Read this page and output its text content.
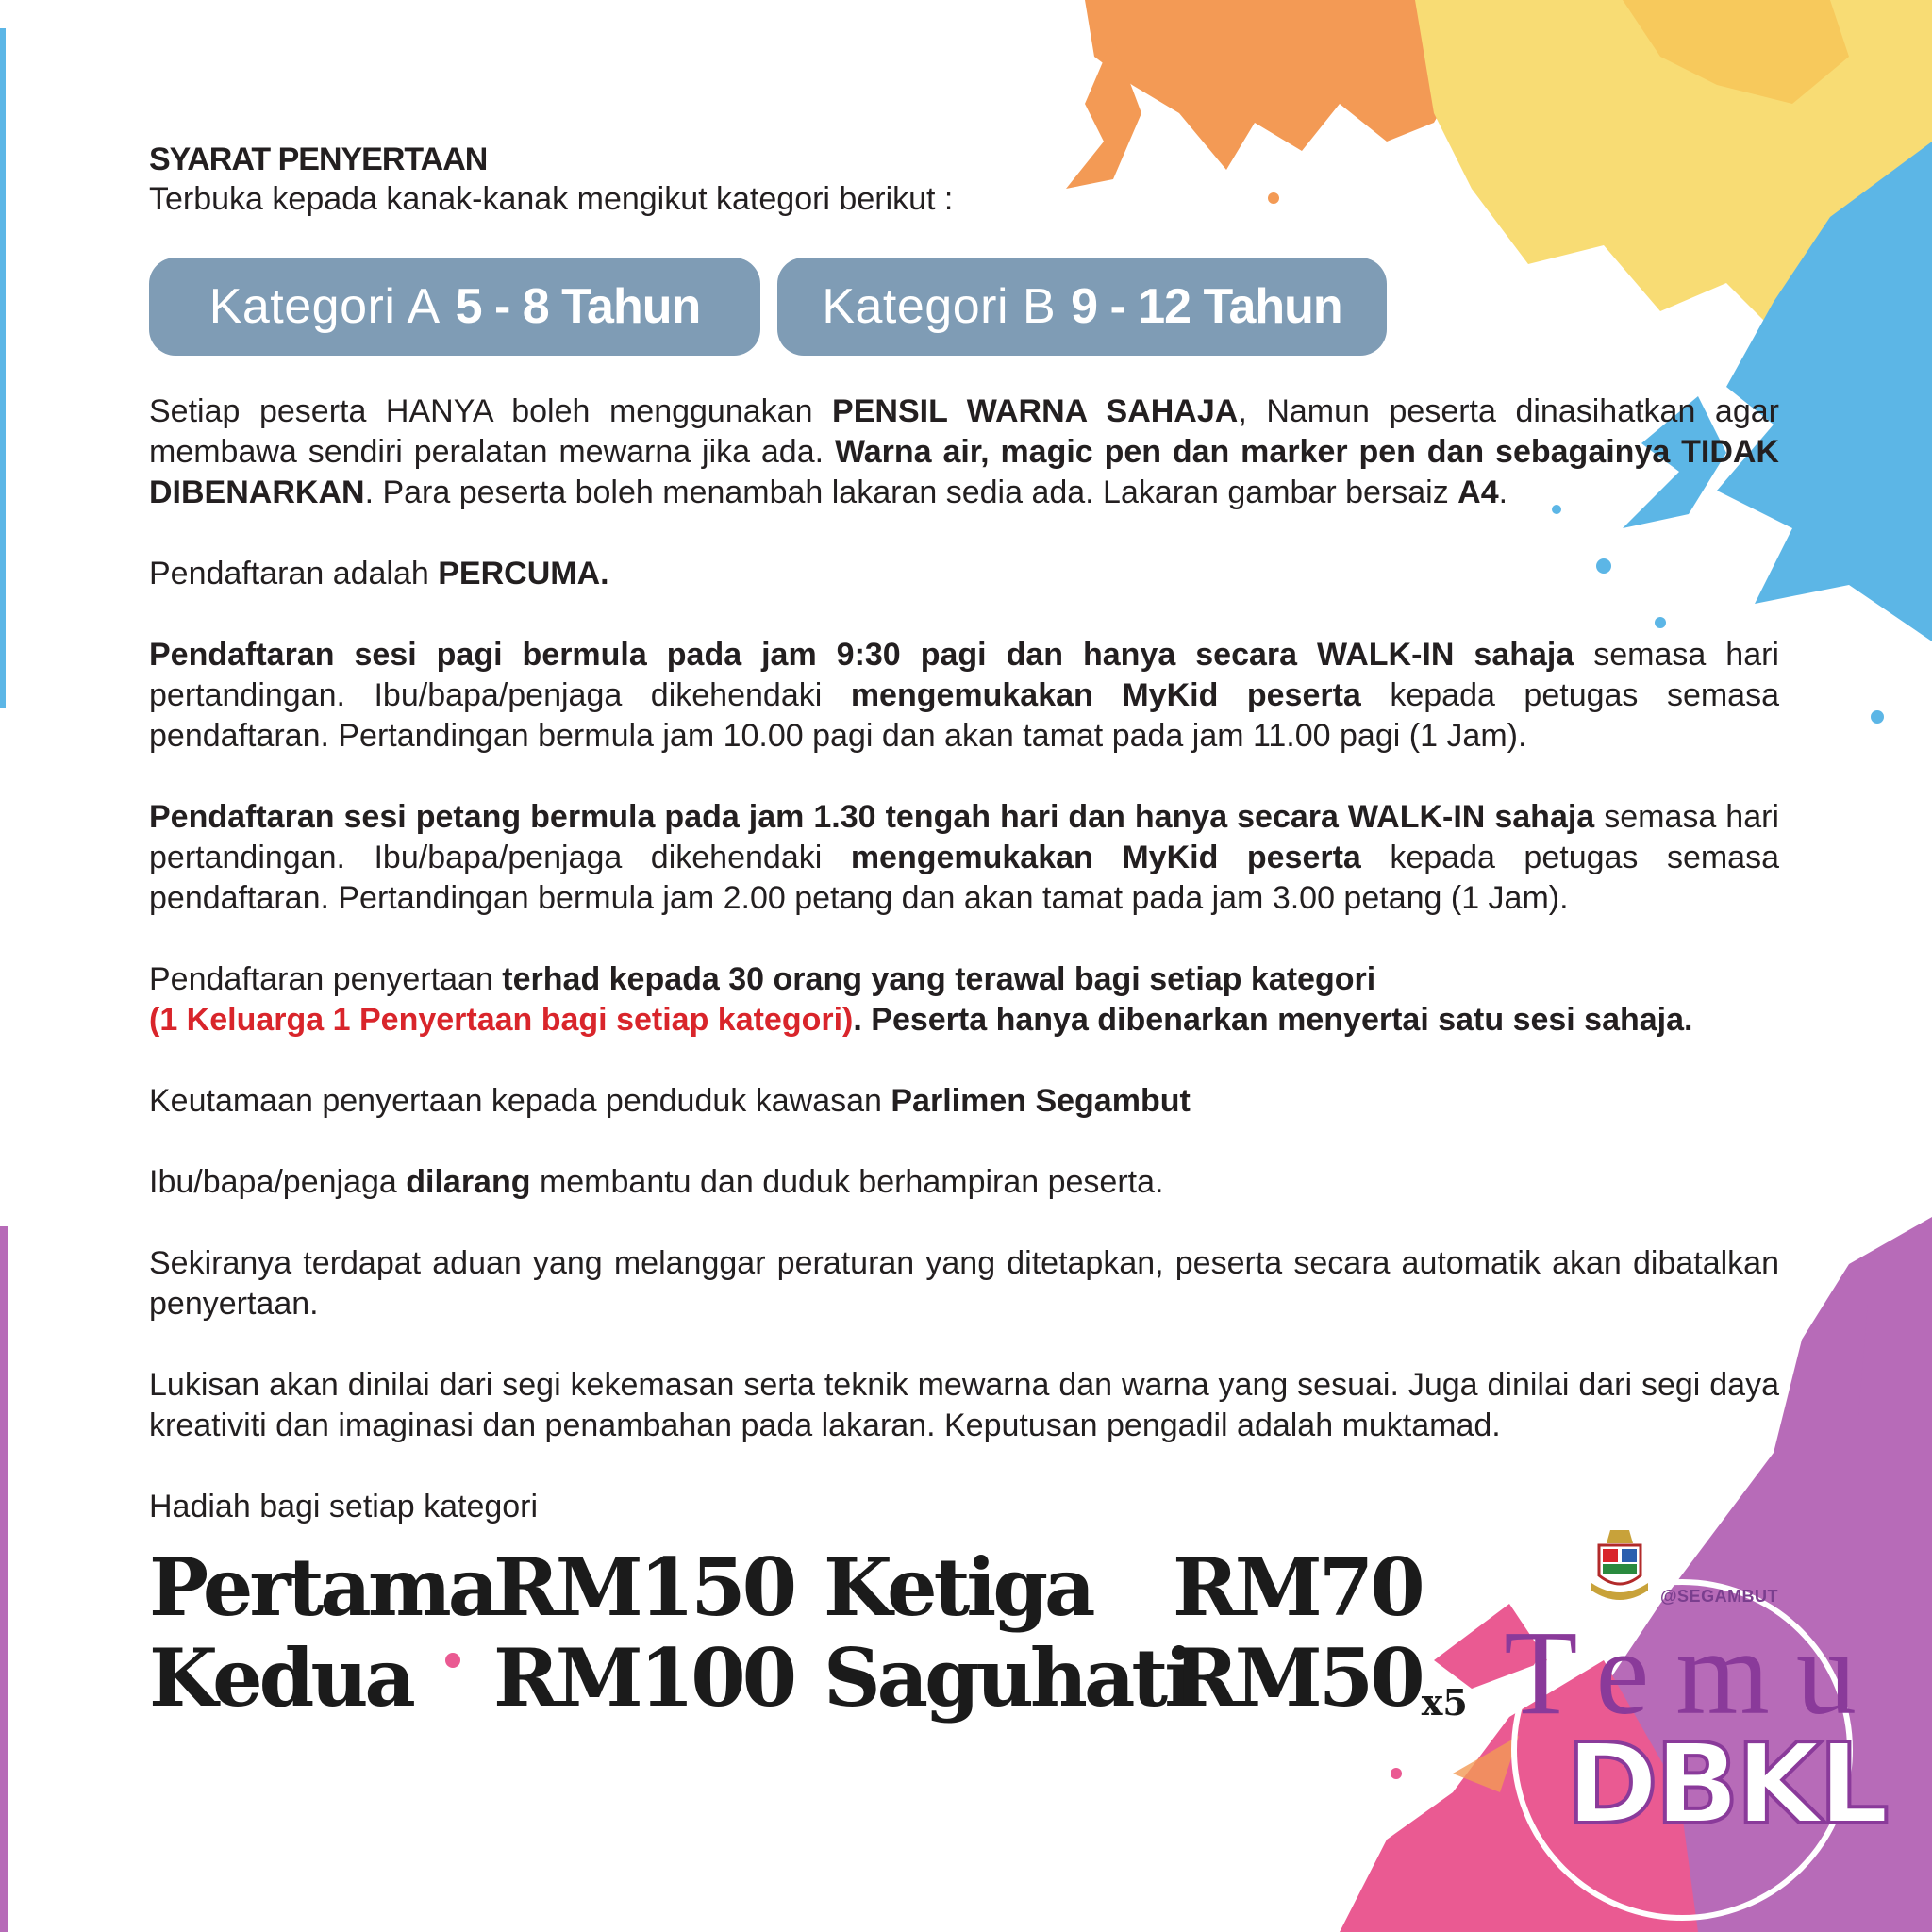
SYARAT PENYERTAAN
Terbuka kepada kanak-kanak mengikut kategori berikut :
Kategori A 5 - 8 Tahun Kategori B 9 - 12 Tahun

Setiap peserta HANYA boleh menggunakan PENSIL WARNA SAHAJA, Namun peserta dinasihatkan agar membawa sendiri peralatan mewarna jika ada. Warna air, magic pen dan marker pen dan sebagainya TIDAK DIBENARKAN. Para peserta boleh menambah lakaran sedia ada. Lakaran gambar bersaiz A4.

Pendaftaran adalah PERCUMA.

Pendaftaran sesi pagi bermula pada jam 9:30 pagi dan hanya secara WALK-IN sahaja semasa hari pertandingan. Ibu/bapa/penjaga dikehendaki mengemukakan MyKid peserta kepada petugas semasa pendaftaran. Pertandingan bermula jam 10.00 pagi dan akan tamat pada jam 11.00 pagi (1 Jam).

Pendaftaran sesi petang bermula pada jam 1.30 tengah hari dan hanya secara WALK-IN sahaja semasa hari pertandingan. Ibu/bapa/penjaga dikehendaki mengemukakan MyKid peserta kepada petugas semasa pendaftaran. Pertandingan bermula jam 2.00 petang dan akan tamat pada jam 3.00 petang (1 Jam).

Pendaftaran penyertaan terhad kepada 30 orang yang terawal bagi setiap kategori
(1 Keluarga 1 Penyertaan bagi setiap kategori). Peserta hanya dibenarkan menyertai satu sesi sahaja.

Keutamaan penyertaan kepada penduduk kawasan Parlimen Segambut

Ibu/bapa/penjaga dilarang membantu dan duduk berhampiran peserta.

Sekiranya terdapat aduan yang melanggar peraturan yang ditetapkan, peserta secara automatik akan dibatalkan penyertaan.

Lukisan akan dinilai dari segi kekemasan serta teknik mewarna dan warna yang sesuai. Juga dinilai dari segi daya kreativiti dan imaginasi dan penambahan pada lakaran. Keputusan pengadil adalah muktamad.

Hadiah bagi setiap kategori
Pertama
RM150
Kedua RM100
Ketiga RM70
Saguhati
$RM50^{x5}$
@SEGAMBUT
Temu
DBKL
